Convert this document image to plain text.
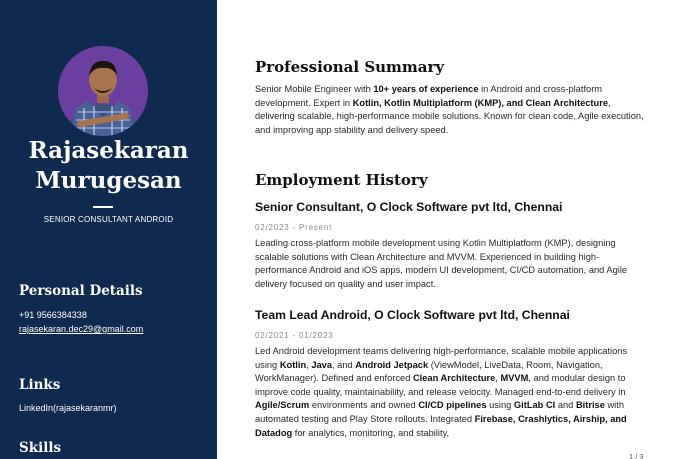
Rajasekaran
Murugesan
SENIOR CONSULTANT ANDROID
Personal Details
+91 9566384338
rajasekaran.dec29@gmail.com
Links
LinkedIn(rajasekaranmr)
Skills
Professional Summary

Senior Mobile Engineer with 10+ years of experience in Android and cross-platform development. Expert in Kotlin, Kotlin Multiplatform (KMP), and Clean Architecture, delivering scalable, high-performance mobile solutions. Known for clean code, Agile execution, and improving app stability and delivery speed.

Employment History
Senior Consultant, O Clock Software pvt ltd, Chennai
02/2023 - Present

Leading cross-platform mobile development using Kotlin Multiplatform (KMP), designing scalable solutions with Clean Architecture and MVVM. Experienced in building high-performance Android and iOS apps, modern UI development, CI/CD automation, and Agile delivery focused on quality and user impact.

Team Lead Android, O Clock Software pvt ltd, Chennai
02/2021 - 01/2023

Led Android development teams delivering high-performance, scalable mobile applications using Kotlin, Java, and Android Jetpack (ViewModel, LiveData, Room, Navigation, WorkManager). Defined and enforced Clean Architecture, MVVM, and modular design to improve code quality, maintainability, and release velocity. Managed end-to-end delivery in Agile/Scrum environments and owned CI/CD pipelines using GitLab CI and Bitrise with automated testing and Play Store rollouts. Integrated Firebase, Crashlytics, Airship, and Datadog for analytics, monitoring, and stability,

1 / 3
